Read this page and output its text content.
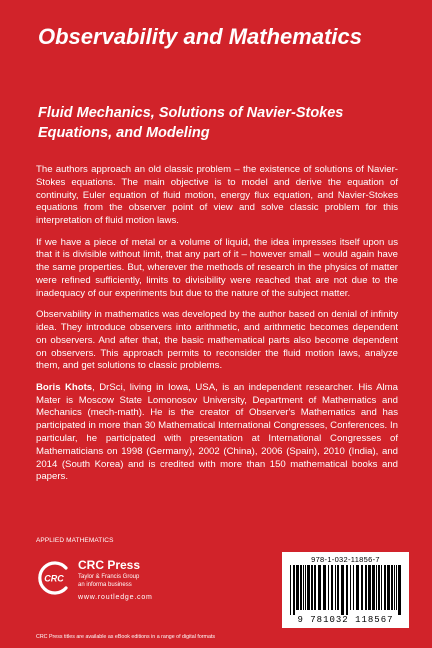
Observability and Mathematics
Fluid Mechanics, Solutions of Navier-Stokes Equations, and Modeling

The authors approach an old classic problem – the existence of solutions of Navier-Stokes equations. The main objective is to model and derive the equation of continuity, Euler equation of fluid motion, energy flux equation, and Navier-Stokes equations from the observer point of view and solve classic problem for this interpretation of fluid motion laws.

If we have a piece of metal or a volume of liquid, the idea impresses itself upon us that it is divisible without limit, that any part of it – however small – would again have the same properties. But, wherever the methods of research in the physics of matter were refined sufficiently, limits to divisibility were reached that are not due to the inadequacy of our experiments but due to the nature of the subject matter.

Observability in mathematics was developed by the author based on denial of infinity idea. They introduce observers into arithmetic, and arithmetic becomes dependent on observers. And after that, the basic mathematical parts also become dependent on observers. This approach permits to reconsider the fluid motion laws, analyze them, and get solutions to classic problems.

Boris Khots, DrSci, living in Iowa, USA, is an independent researcher. His Alma Mater is Moscow State Lomonosov University, Department of Mathematics and Mechanics (mech-math). He is the creator of Observer's Mathematics and has participated in more than 30 Mathematical International Congresses, Conferences. In particular, he participated with presentation at International Congresses of Mathematicians on 1998 (Germany), 2002 (China), 2006 (Spain), 2010 (India), and 2014 (South Korea) and is credited with more than 150 mathematical books and papers.

APPLIED MATHEMATICS
CRC
CRC Press
Taylor & Francis Group
an informa business
www.routledge.com
CRC Press titles are available as eBook editions in a range of digital formats
978-1-032-11856-7
9 781032 118567
